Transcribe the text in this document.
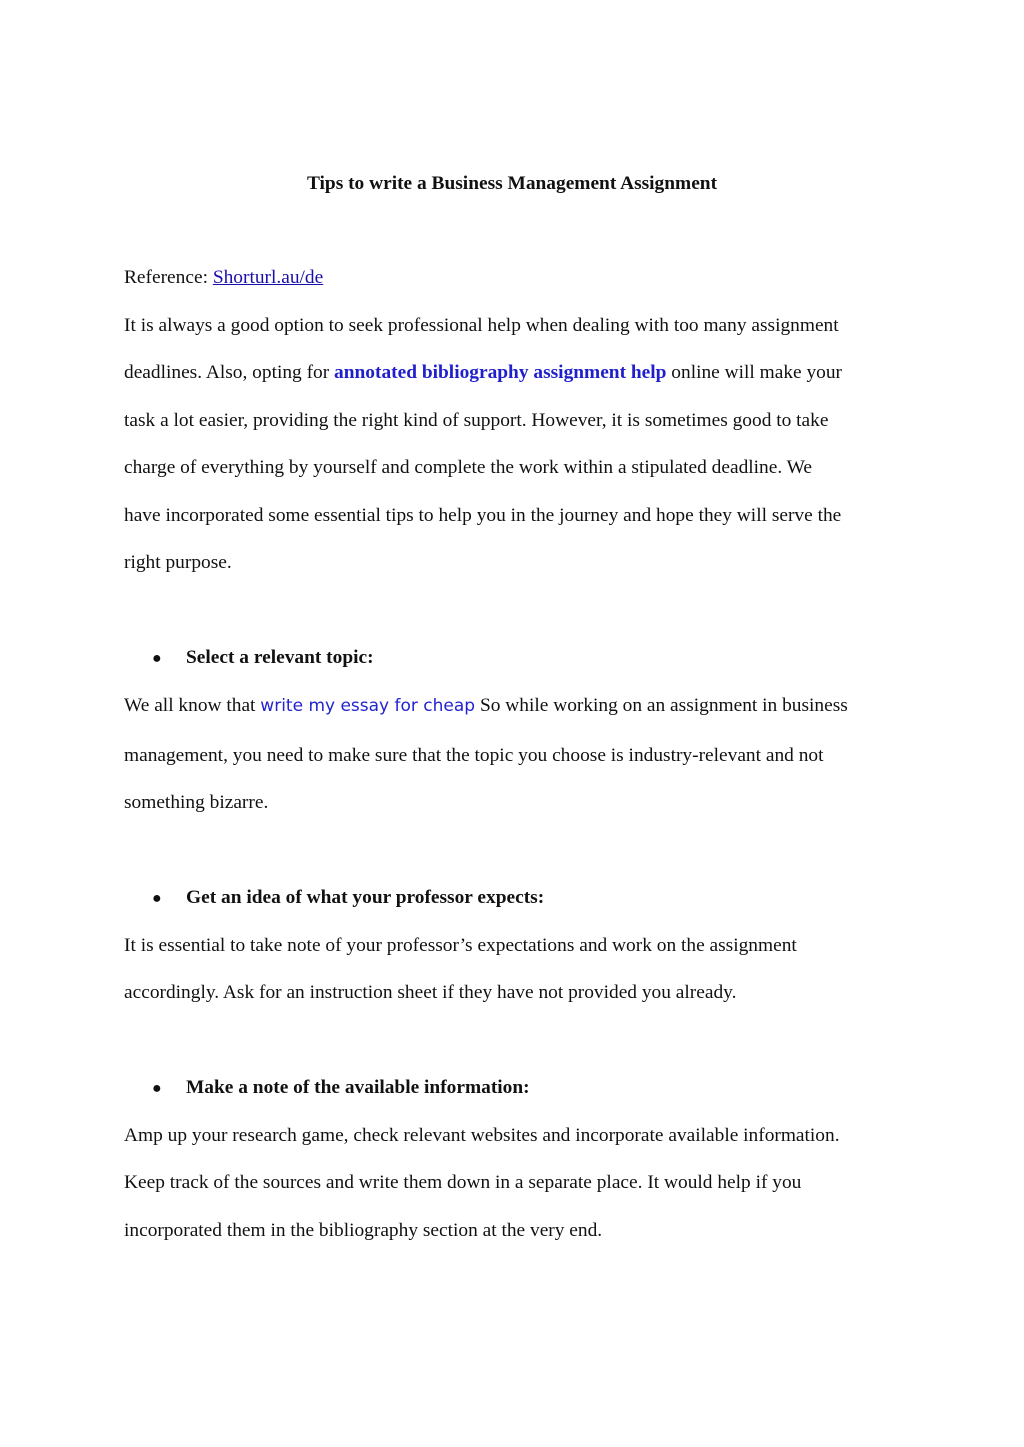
Tips to write a Business Management Assignment
Reference: Shorturl.au/de
It is always a good option to seek professional help when dealing with too many assignment
deadlines. Also, opting for annotated bibliography assignment help online will make your
task a lot easier, providing the right kind of support. However, it is sometimes good to take
charge of everything by yourself and complete the work within a stipulated deadline. We
have incorporated some essential tips to help you in the journey and hope they will serve the
right purpose.
● Select a relevant topic:
We all know that write my essay for cheap So while working on an assignment in business
management, you need to make sure that the topic you choose is industry-relevant and not
something bizarre.
● Get an idea of what your professor expects:
It is essential to take note of your professor’s expectations and work on the assignment
accordingly. Ask for an instruction sheet if they have not provided you already.
● Make a note of the available information:
Amp up your research game, check relevant websites and incorporate available information.
Keep track of the sources and write them down in a separate place. It would help if you
incorporated them in the bibliography section at the very end.
